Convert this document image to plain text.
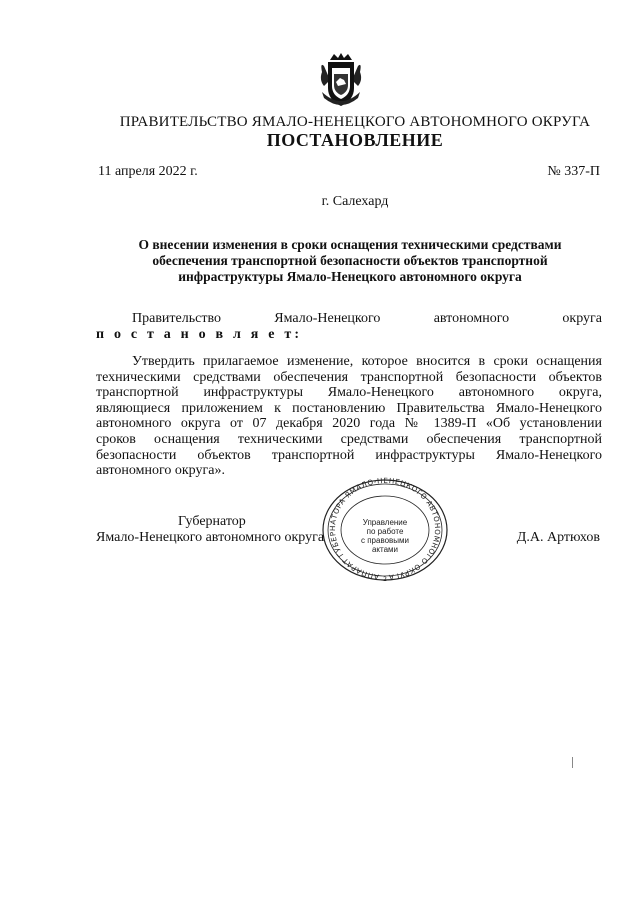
ПРАВИТЕЛЬСТВО ЯМАЛО-НЕНЕЦКОГО АВТОНОМНОГО ОКРУГА
ПОСТАНОВЛЕНИЕ
11 апреля 2022 г.	№ 337-П
г. Салехард
О внесении изменения в сроки оснащения техническими средствами
обеспечения транспортной безопасности объектов транспортной
инфраструктуры Ямало-Ненецкого автономного округа
Правительство	Ямало-Ненецкого	автономного	округа
п о с т а н о в л я е т:
Утвердить прилагаемое изменение, которое вносится в сроки оснащения
техническими средствами обеспечения транспортной безопасности объектов
транспортной инфраструктуры Ямало-Ненецкого автономного округа,
являющиеся приложением к постановлению Правительства Ямало-Ненецкого
автономного округа от 07 декабря 2020 года № 1389-П «Об установлении
сроков оснащения техническими средствами обеспечения транспортной
безопасности объектов транспортной инфраструктуры Ямало-Ненецкого
автономного округа».
АППАРАТ ГУБЕРНАТОРА ЯМАЛО-НЕНЕЦКОГО АВТОНОМНОГО ОКРУГА
2
Управление
по работе
с правовыми
актами
Губернатор
Ямало-Ненецкого автономного округа	Д.А. Артюхов
